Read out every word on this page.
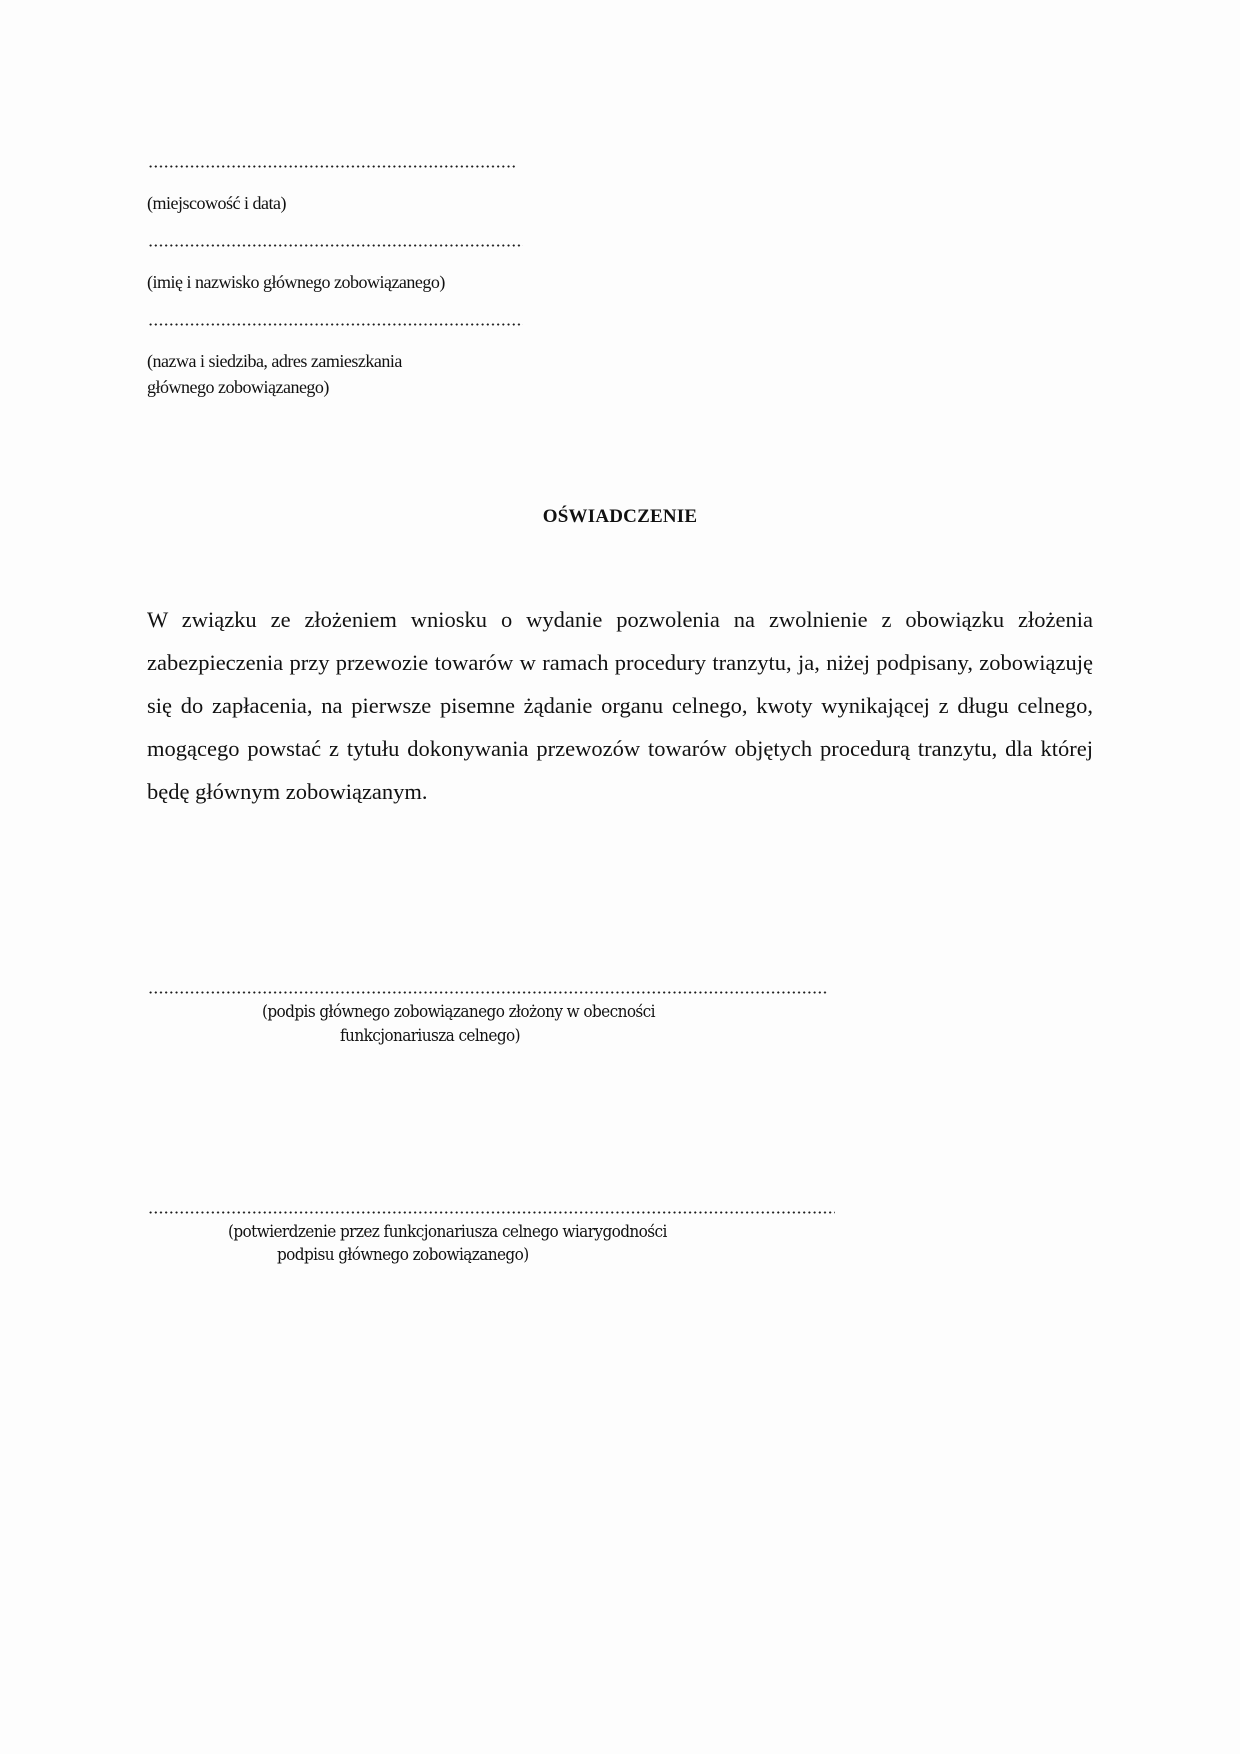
(miejscowość i data)
(imię i nazwisko głównego zobowiązanego)
(nazwa i siedziba, adres zamieszkania
głównego zobowiązanego)
OŚWIADCZENIE
W związku ze złożeniem wniosku o wydanie pozwolenia na zwolnienie z obowiązku złożenia zabezpieczenia przy przewozie towarów w ramach procedury tranzytu, ja, niżej podpisany, zobowiązuję się do zapłacenia, na pierwsze pisemne żądanie organu celnego, kwoty wynikającej z długu celnego, mogącego powstać z tytułu dokonywania przewozów towarów objętych procedurą tranzytu, dla której będę głównym zobowiązanym.
(podpis głównego zobowiązanego złożony w obecności
funkcjonariusza celnego)
(potwierdzenie przez funkcjonariusza celnego wiarygodności
podpisu głównego zobowiązanego)
